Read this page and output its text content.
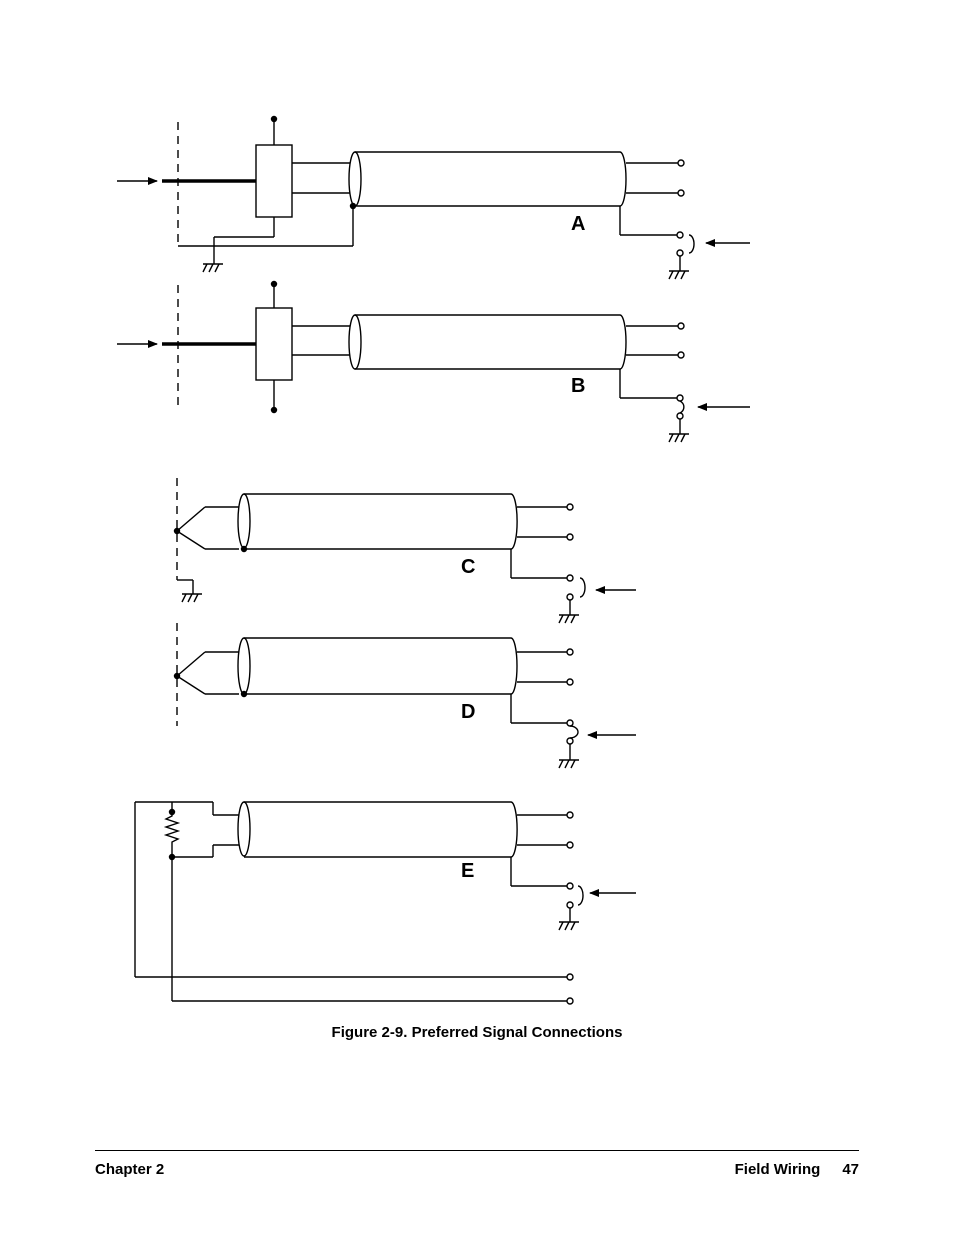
A
B
C
D
E
Figure 2-9. Preferred Signal Connections
Chapter 2	Field Wiring 47
